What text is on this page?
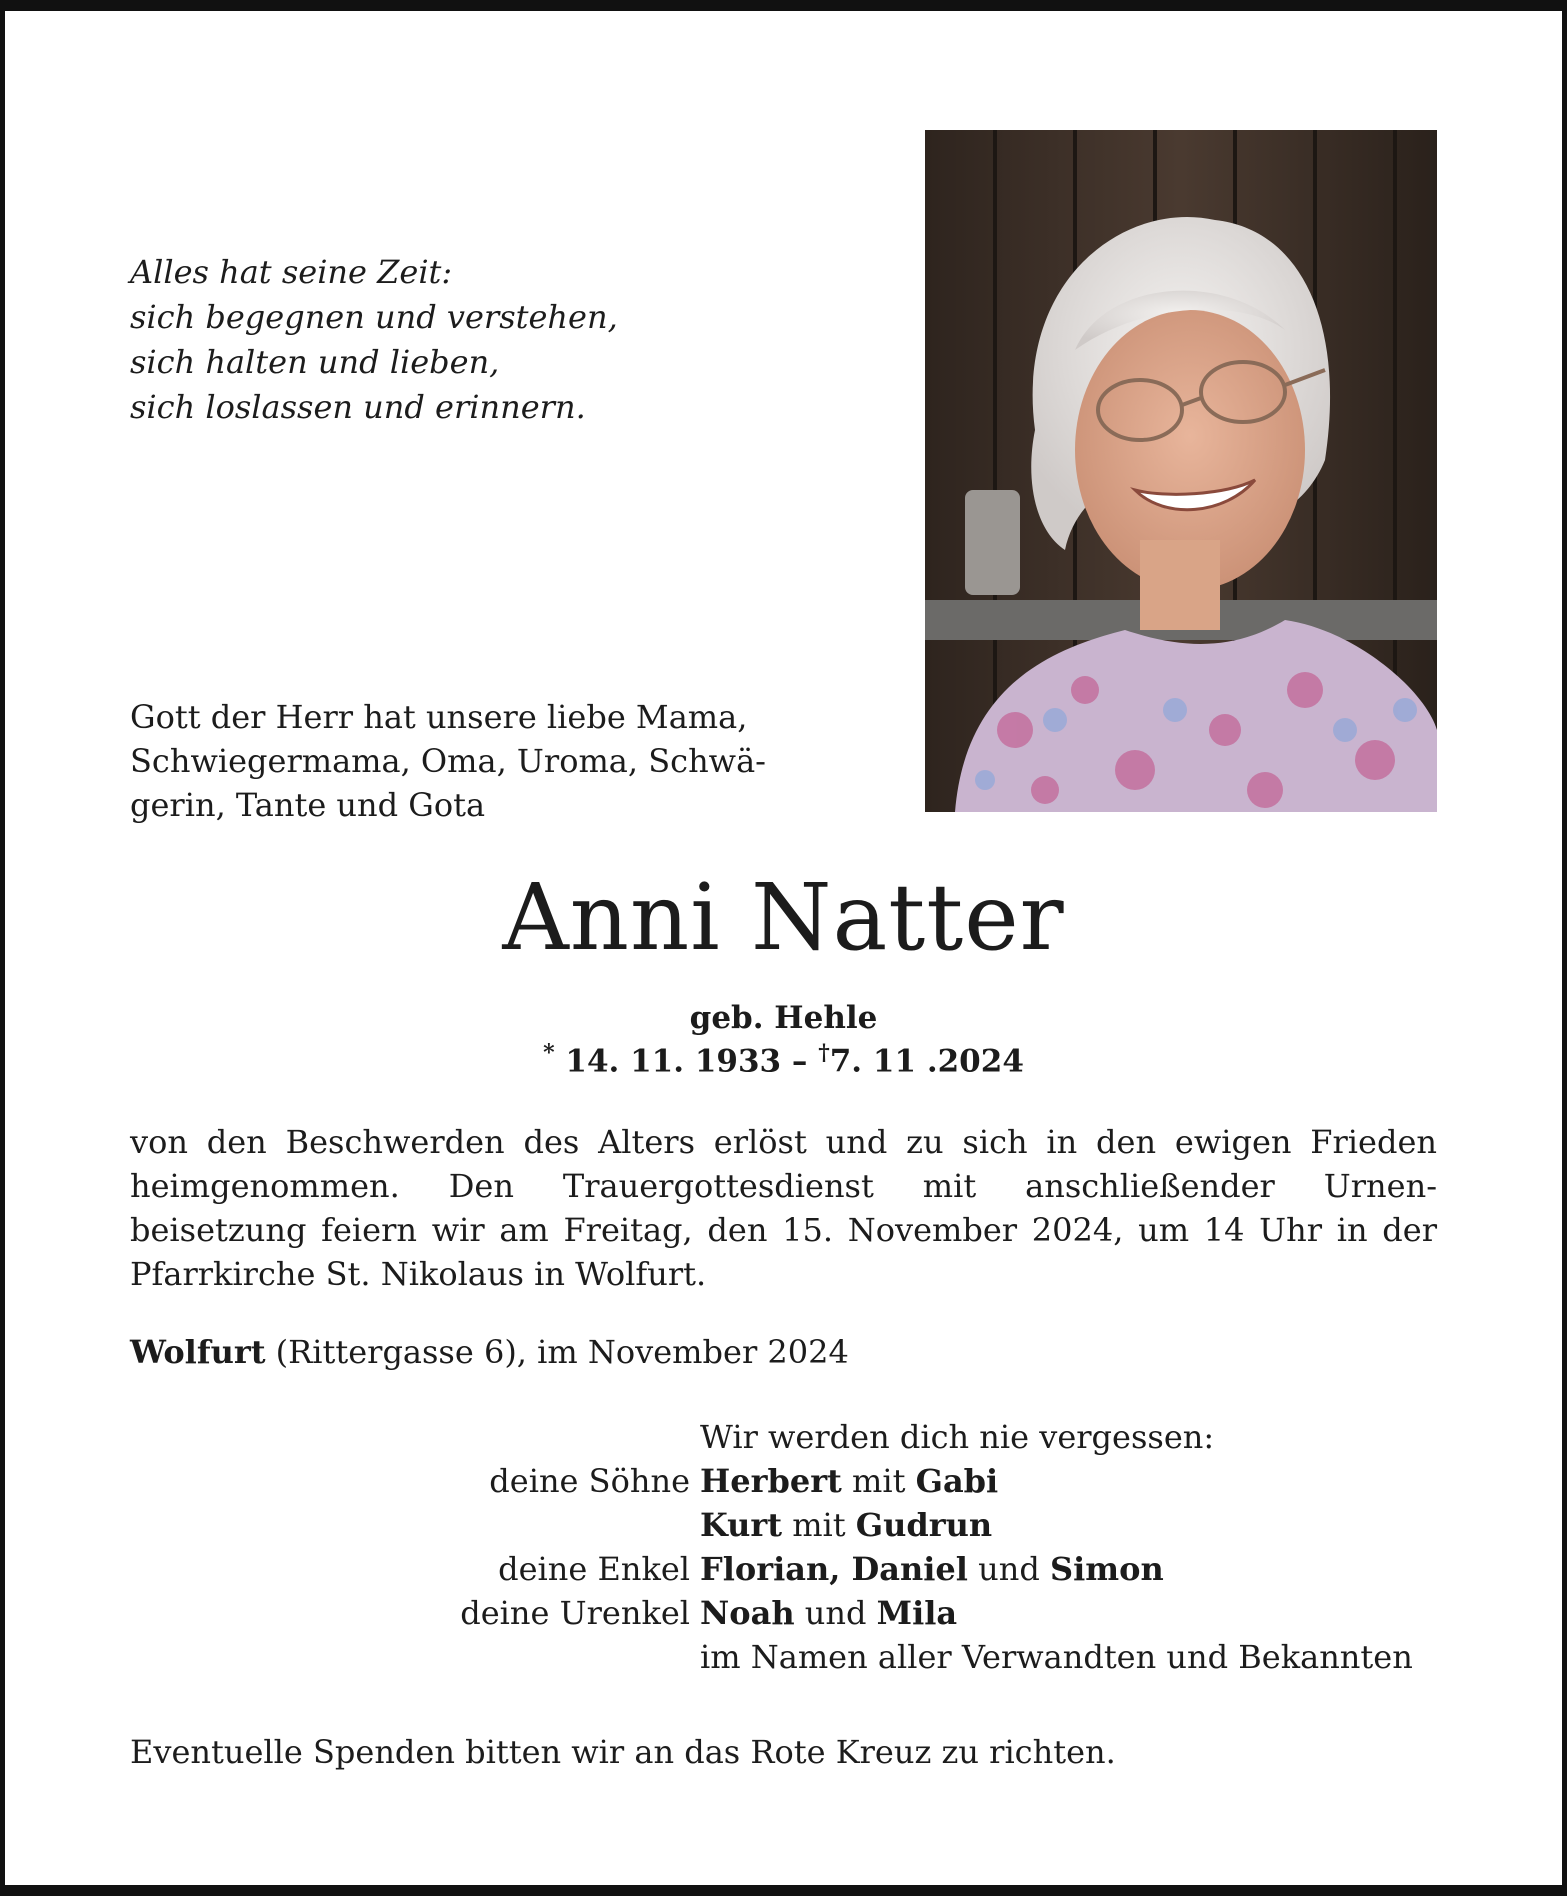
Alles hat seine Zeit:
sich begegnen und verstehen,
sich halten und lieben,
sich loslassen und erinnern.
Gott der Herr hat unsere liebe Mama,
Schwiegermama, Oma, Uroma, Schwä-
gerin, Tante und Gota
Anni Natter
geb. Hehle
* 14. 11. 1933 – †7. 11 .2024
von den Beschwerden des Alters erlöst und zu sich in den ewigen Frieden
heimgenommen. Den Trauergottesdienst mit anschließender Urnen-
beisetzung feiern wir am Freitag, den 15. November 2024, um 14 Uhr in der
Pfarrkirche St. Nikolaus in Wolfurt.
Wolfurt (Rittergasse 6), im November 2024
Wir werden dich nie vergessen:
deine Söhne Herbert mit Gabi
Kurt mit Gudrun
deine Enkel Florian, Daniel und Simon
deine Urenkel Noah und Mila
im Namen aller Verwandten und Bekannten
Eventuelle Spenden bitten wir an das Rote Kreuz zu richten.
